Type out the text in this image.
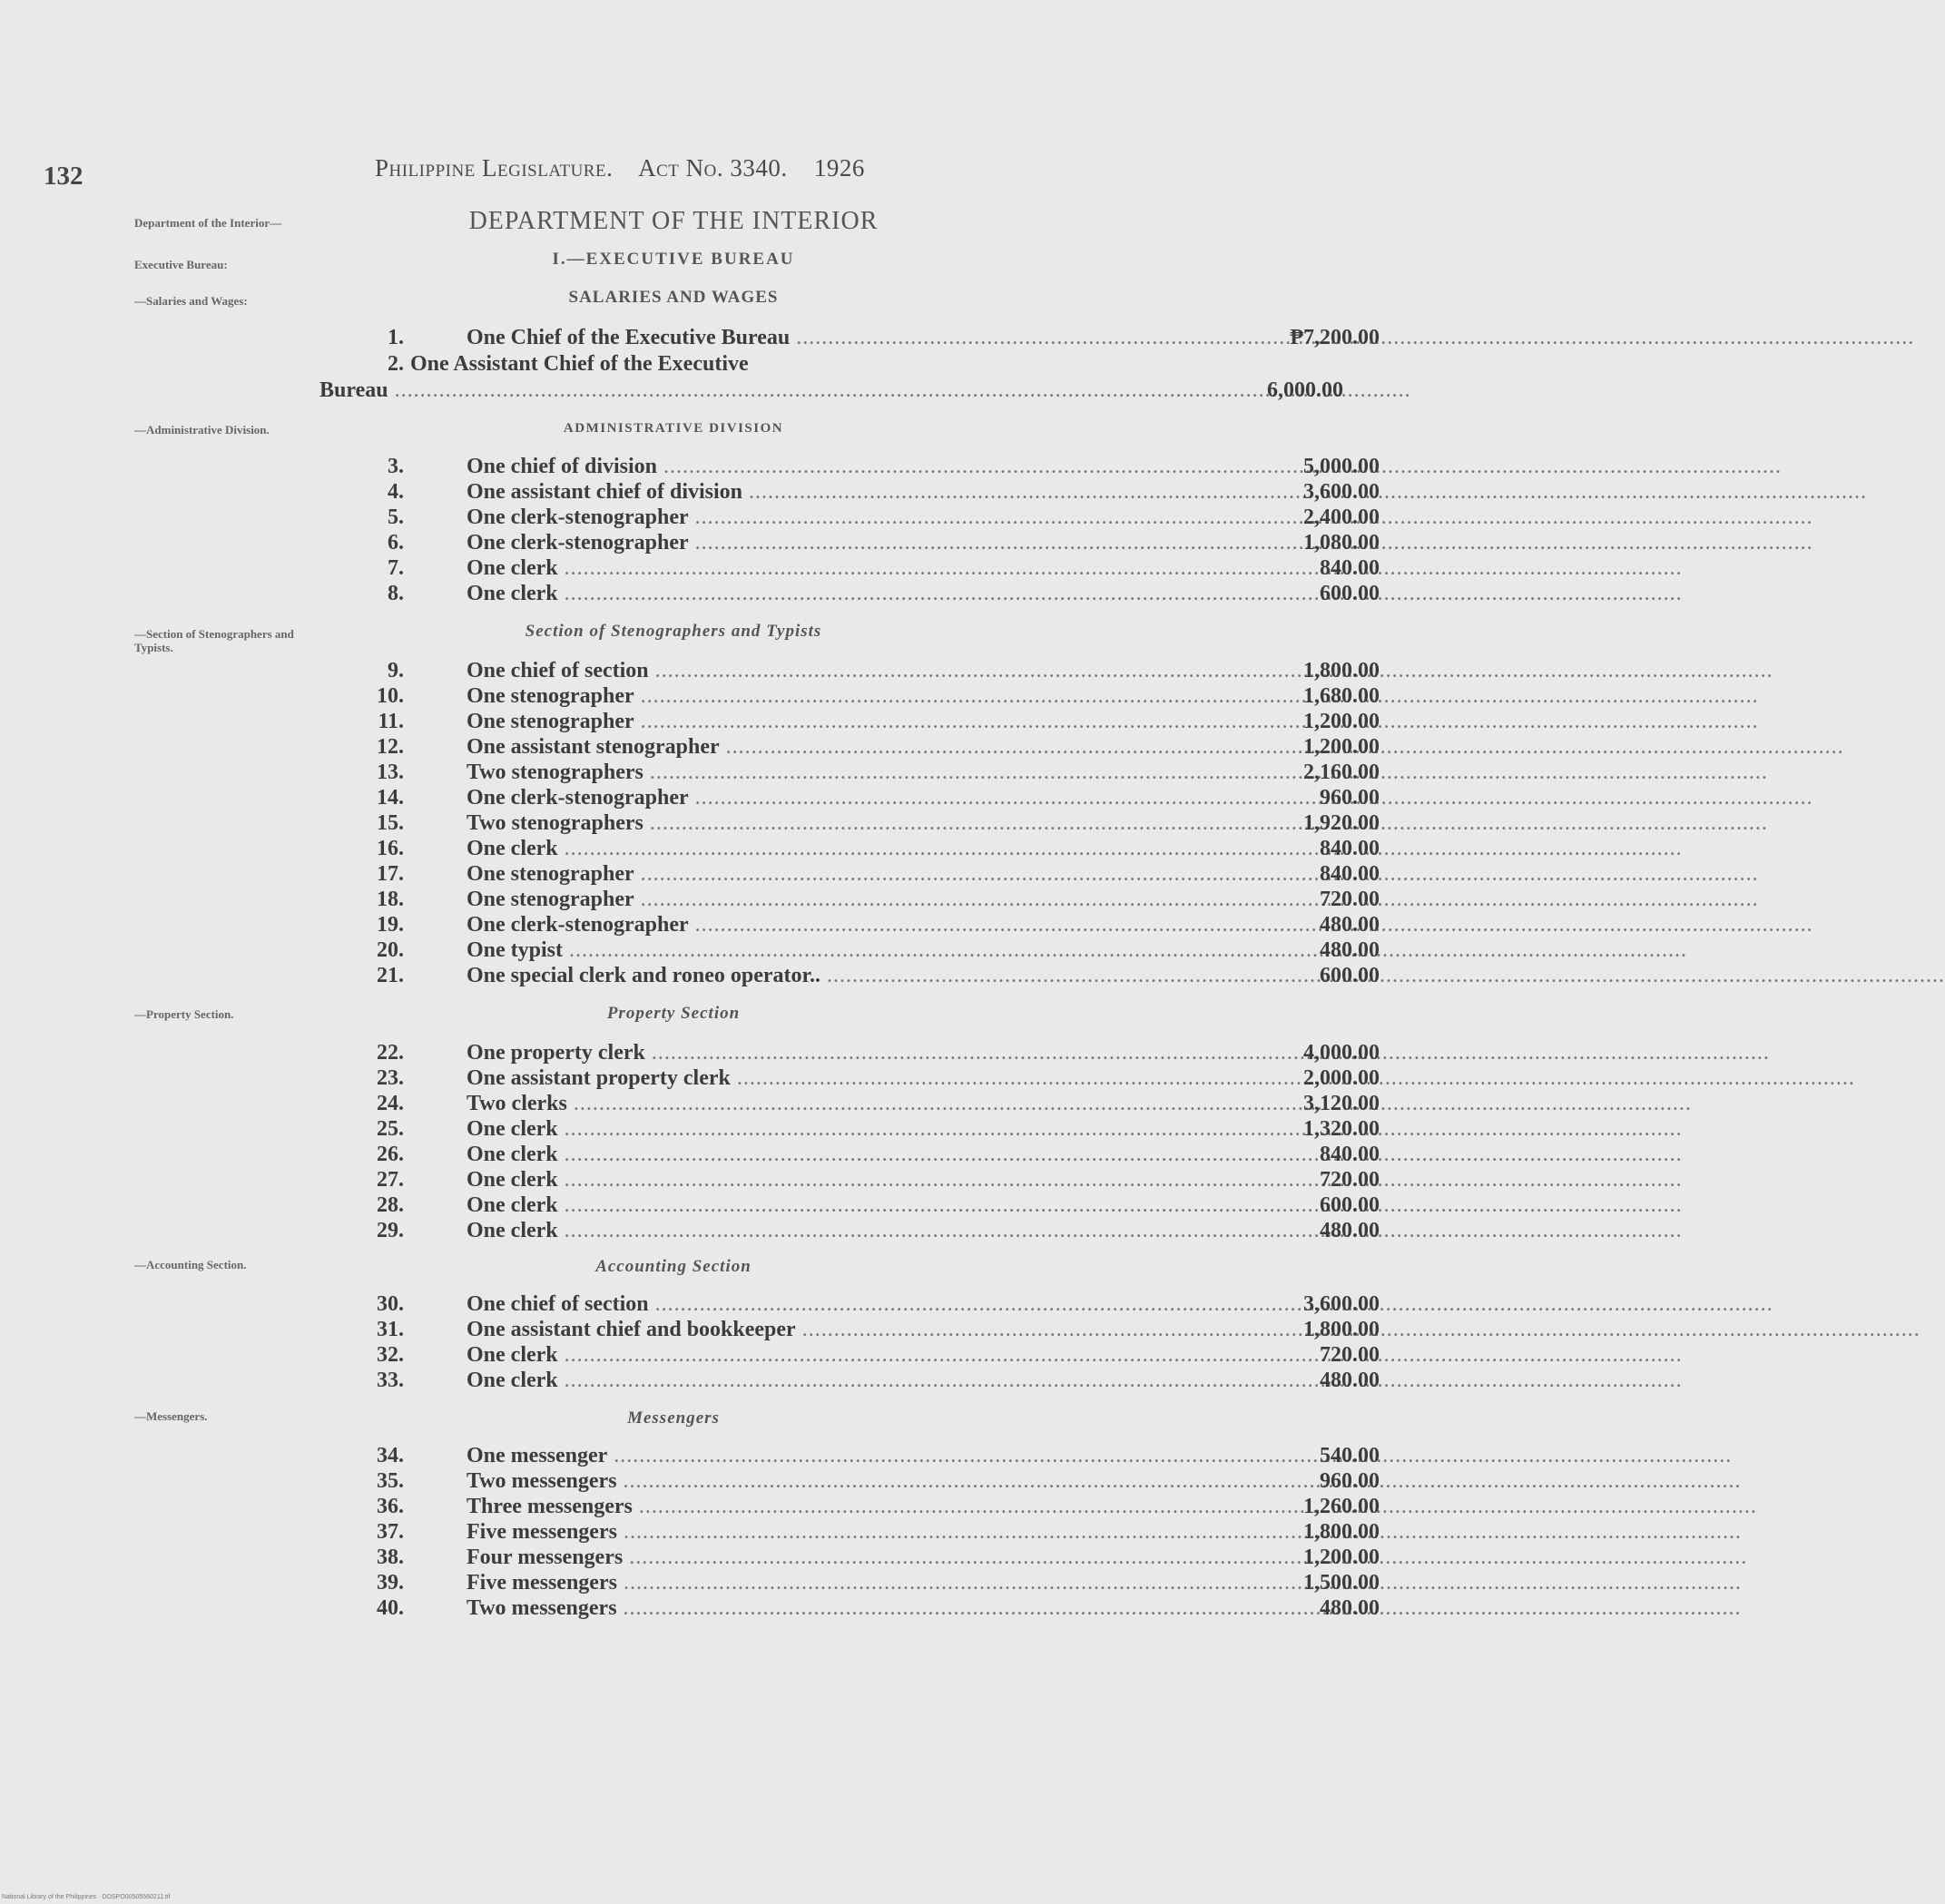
132	Philippine Legislature. Act No. 3340. 1926
DEPARTMENT OF THE INTERIOR
I.—EXECUTIVE BUREAU
SALARIES AND WAGES
Department of the Interior—
Executive Bureau:
—Salaries and Wages:
—Administrative Division.
—Section of Stenographers and Typists.
—Property Section.
—Accounting Section.
—Messengers.
ADMINISTRATIVE DIVISION
Section of Stenographers and Typists
Property Section
Accounting Section
Messengers
1.	One Chief of the Executive Bureau .....	₱7,200.00
2. One Assistant Chief of the Executive
Bureau .....	6,000.00
3.	One chief of division .....	5,000.00
4.	One assistant chief of division .....	3,600.00
5.	One clerk-stenographer .....	2,400.00
6.	One clerk-stenographer .....	1,080.00
7.	One clerk .....	840.00
8.	One clerk .....	600.00
9.	One chief of section .....	1,800.00
10.	One stenographer .....	1,680.00
11.	One stenographer .....	1,200.00
12.	One assistant stenographer .....	1,200.00
13.	Two stenographers .....	2,160.00
14.	One clerk-stenographer .....	960.00
15.	Two stenographers .....	1,920.00
16.	One clerk .....	840.00
17.	One stenographer .....	840.00
18.	One stenographer .....	720.00
19.	One clerk-stenographer .....	480.00
20.	One typist .....	480.00
21.	One special clerk and roneo operator.. .....	600.00
22.	One property clerk .....	4,000.00
23.	One assistant property clerk .....	2,000.00
24.	Two clerks .....	3,120.00
25.	One clerk .....	1,320.00
26.	One clerk .....	840.00
27.	One clerk .....	720.00
28.	One clerk .....	600.00
29.	One clerk .....	480.00
30.	One chief of section .....	3,600.00
31.	One assistant chief and bookkeeper .....	1,800.00
32.	One clerk .....	720.00
33.	One clerk .....	480.00
34.	One messenger .....	540.00
35.	Two messengers .....	960.00
36.	Three messengers .....	1,260.00
37.	Five messengers .....	1,800.00
38.	Four messengers .....	1,200.00
39.	Five messengers .....	1,500.00
40.	Two messengers .....	480.00
National Library of the Philippines · DOSPO00505560211.tif
